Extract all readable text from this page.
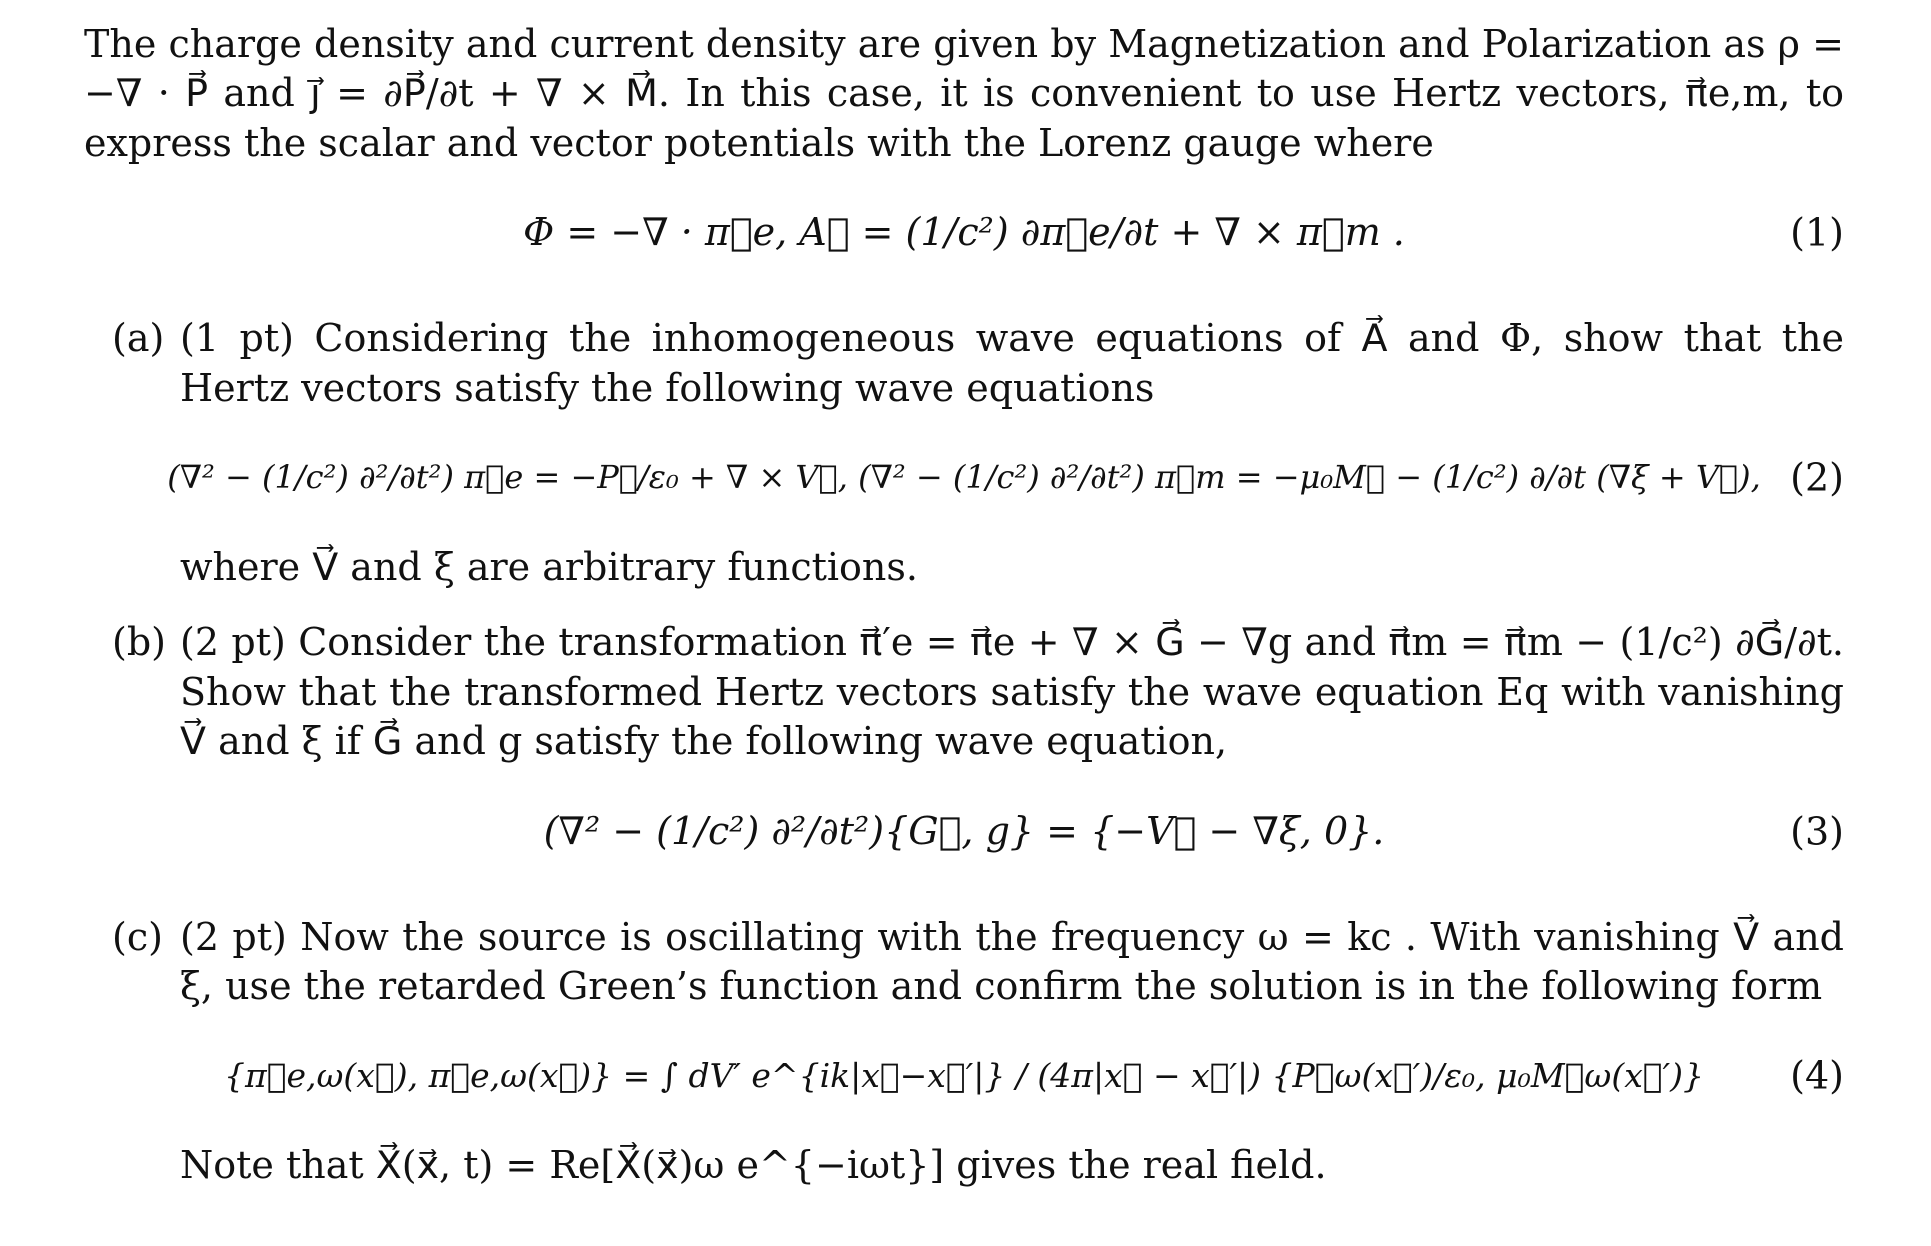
The charge density and current density are given by Magnetization and Polarization as ρ = −∇ · P⃗ and j⃗ = ∂P⃗/∂t + ∇ × M⃗. In this case, it is convenient to use Hertz vectors, π⃗e,m, to express the scalar and vector potentials with the Lorenz gauge where

Φ = −∇ · π⃗e, A⃗ = (1/c²) ∂π⃗e/∂t + ∇ × π⃗m .	(1)
(a) (1 pt) Considering the inhomogeneous wave equations of A⃗ and Φ, show that the Hertz vectors satisfy the following wave equations

(∇² − (1/c²) ∂²/∂t²) π⃗e = −P⃗/ε₀ + ∇ × V⃗, (∇² − (1/c²) ∂²/∂t²) π⃗m = −μ₀M⃗ − (1/c²) ∂/∂t (∇ξ + V⃗), (2)

where V⃗ and ξ are arbitrary functions.

(b) (2 pt) Consider the transformation π⃗′e = π⃗e + ∇ × G⃗ − ∇g and π⃗m = π⃗m − (1/c²) ∂G⃗/∂t. Show that the transformed Hertz vectors satisfy the wave equation Eq with vanishing V⃗ and ξ if G⃗ and g satisfy the following wave equation,

(∇² − (1/c²) ∂²/∂t²){G⃗, g} = {−V⃗ − ∇ξ, 0}.	(3)
(c) (2 pt) Now the source is oscillating with the frequency ω = kc . With vanishing V⃗ and ξ, use the retarded Green’s function and confirm the solution is in the following form

{π⃗e,ω(x⃗), π⃗e,ω(x⃗)} = ∫ dV′ e^{ik|x⃗−x⃗′|} / (4π|x⃗ − x⃗′|) {P⃗ω(x⃗′)/ε₀, μ₀M⃗ω(x⃗′)} (4)

Note that X⃗(x⃗, t) = Re[X⃗(x⃗)ω e^{−iωt}] gives the real field.
